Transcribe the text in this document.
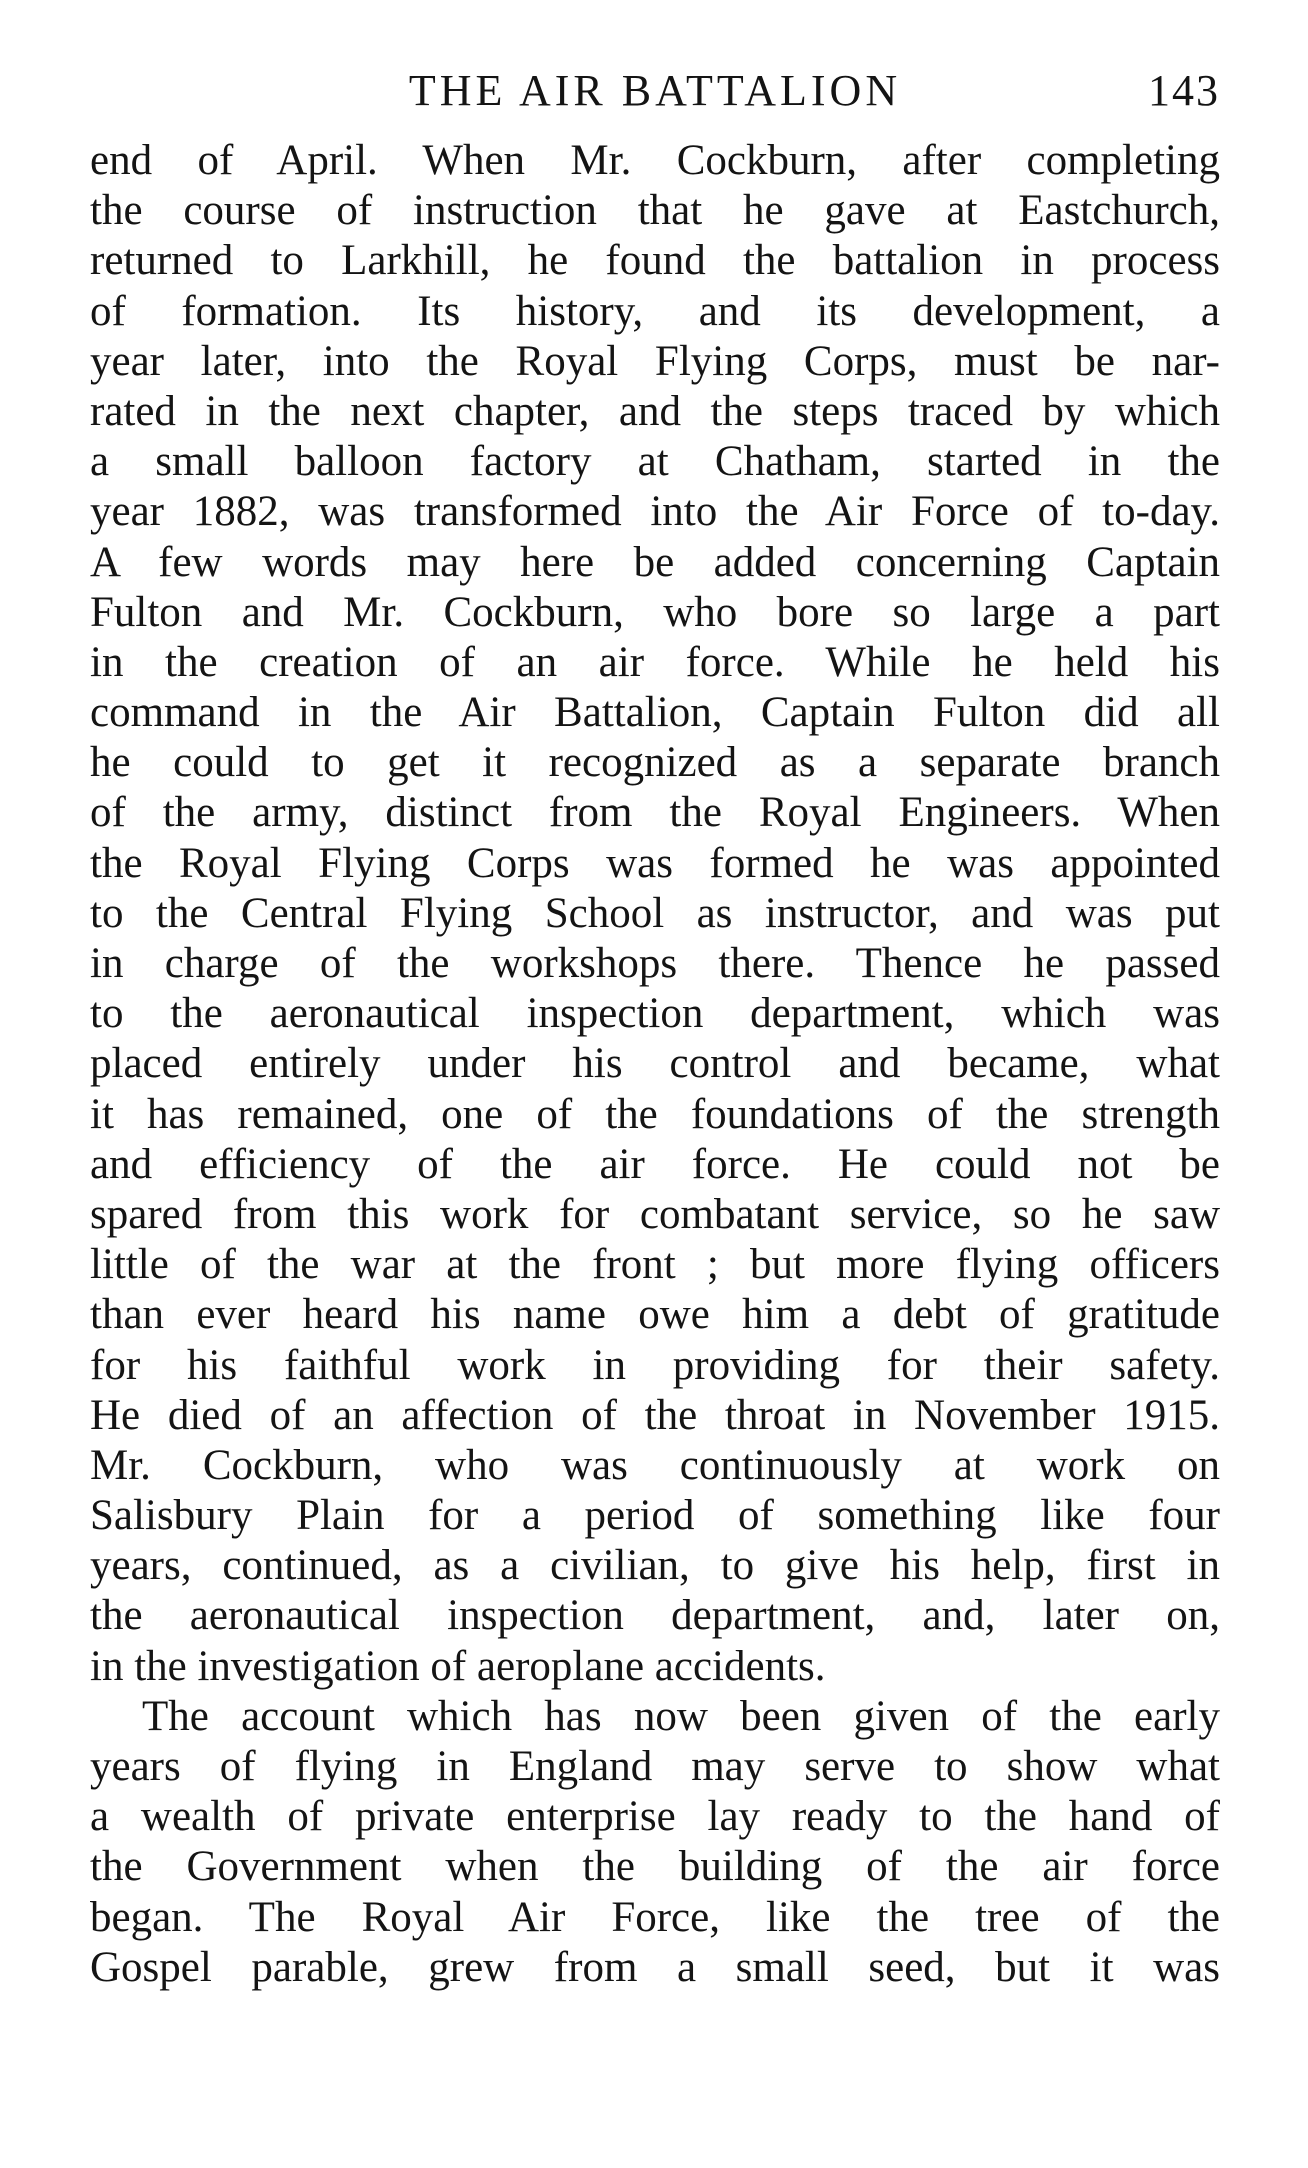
THE AIR BATTALION	143
end of April. When Mr. Cockburn, after completing
the course of instruction that he gave at Eastchurch,
returned to Larkhill, he found the battalion in process
of formation. Its history, and its development, a
year later, into the Royal Flying Corps, must be nar-
rated in the next chapter, and the steps traced by which
a small balloon factory at Chatham, started in the
year 1882, was transformed into the Air Force of to-day.
A few words may here be added concerning Captain
Fulton and Mr. Cockburn, who bore so large a part
in the creation of an air force. While he held his
command in the Air Battalion, Captain Fulton did all
he could to get it recognized as a separate branch
of the army, distinct from the Royal Engineers. When
the Royal Flying Corps was formed he was appointed
to the Central Flying School as instructor, and was put
in charge of the workshops there. Thence he passed
to the aeronautical inspection department, which was
placed entirely under his control and became, what
it has remained, one of the foundations of the strength
and efficiency of the air force. He could not be
spared from this work for combatant service, so he saw
little of the war at the front ; but more flying officers
than ever heard his name owe him a debt of gratitude
for his faithful work in providing for their safety.
He died of an affection of the throat in November 1915.
Mr. Cockburn, who was continuously at work on
Salisbury Plain for a period of something like four
years, continued, as a civilian, to give his help, first in
the aeronautical inspection department, and, later on,
in the investigation of aeroplane accidents.
The account which has now been given of the early
years of flying in England may serve to show what
a wealth of private enterprise lay ready to the hand of
the Government when the building of the air force
began. The Royal Air Force, like the tree of the
Gospel parable, grew from a small seed, but it was
